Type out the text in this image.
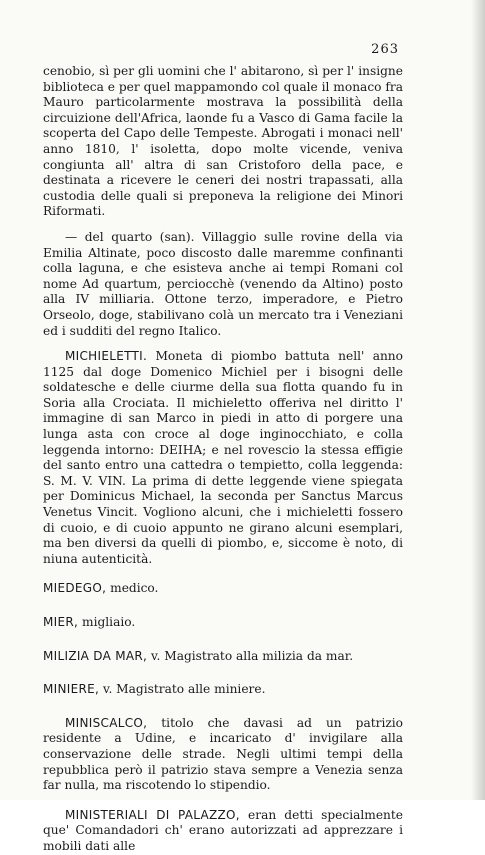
263

cenobio, sì per gli uomini che l' abitarono, sì per l' insigne biblioteca e per quel mappamondo col quale il monaco fra Mauro particolarmente mostrava la possibilità della circuizione dell'Africa, laonde fu a Vasco di Gama facile la scoperta del Capo delle Tempeste. Abrogati i monaci nell' anno 1810, l' isoletta, dopo molte vicende, veniva congiunta all' altra di san Cristoforo della pace, e destinata a ricevere le ceneri dei nostri trapassati, alla custodia delle quali si preponeva la religione dei Minori Riformati.

— del quarto (san). Villaggio sulle rovine della via Emilia Altinate, poco discosto dalle maremme confinanti colla laguna, e che esisteva anche ai tempi Romani col nome Ad quartum, perciocchè (venendo da Altino) posto alla IV milliaria. Ottone terzo, imperadore, e Pietro Orseolo, doge, stabilivano colà un mercato tra i Veneziani ed i sudditi del regno Italico.

MICHIELETTI. Moneta di piombo battuta nell' anno 1125 dal doge Domenico Michiel per i bisogni delle soldatesche e delle ciurme della sua flotta quando fu in Soria alla Crociata. Il michieletto offeriva nel diritto l' immagine di san Marco in piedi in atto di porgere una lunga asta con croce al doge inginocchiato, e colla leggenda intorno: DEIHA; e nel rovescio la stessa effigie del santo entro una cattedra o tempietto, colla leggenda: S. M. V. VIN. La prima di dette leggende viene spiegata per Dominicus Michael, la seconda per Sanctus Marcus Venetus Vincit. Vogliono alcuni, che i michieletti fossero di cuoio, e di cuoio appunto ne girano alcuni esemplari, ma ben diversi da quelli di piombo, e, siccome è noto, di niuna autenticità.

MIEDEGO, medico.

MIER, migliaio.

MILIZIA DA MAR, v. Magistrato alla milizia da mar.

MINIERE, v. Magistrato alle miniere.

MINISCALCO, titolo che davasi ad un patrizio residente a Udine, e incaricato d' invigilare alla conservazione delle strade. Negli ultimi tempi della repubblica però il patrizio stava sempre a Venezia senza far nulla, ma riscotendo lo stipendio.

MINISTERIALI DI PALAZZO, eran detti specialmente que' Comandadori ch' erano autorizzati ad apprezzare i mobili dati alle
